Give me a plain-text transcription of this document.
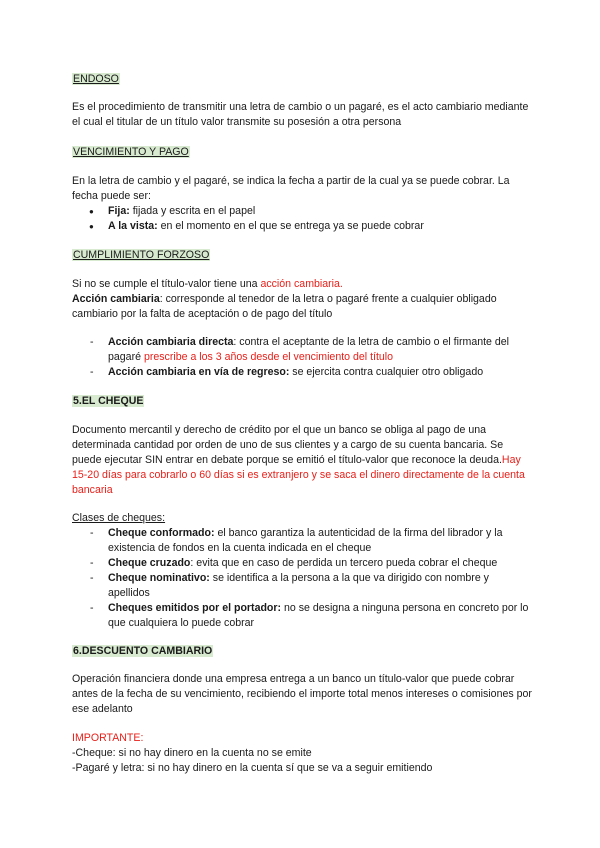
ENDOSO

Es el procedimiento de transmitir una letra de cambio o un pagaré, es el acto cambiario mediante el cual el titular de un título valor transmite su posesión a otra persona

VENCIMIENTO Y PAGO

En la letra de cambio y el pagaré, se indica la fecha a partir de la cual ya se puede cobrar. La fecha puede ser:

● Fija: fijada y escrita en el papel
● A la vista: en el momento en el que se entrega ya se puede cobrar

CUMPLIMIENTO FORZOSO

Si no se cumple el título-valor tiene una acción cambiaria.
Acción cambiaria: corresponde al tenedor de la letra o pagaré frente a cualquier obligado cambiario por la falta de aceptación o de pago del título

- Acción cambiaria directa: contra el aceptante de la letra de cambio o el firmante del pagaré prescribe a los 3 años desde el vencimiento del título
- Acción cambiaria en vía de regreso: se ejercita contra cualquier otro obligado

5.EL CHEQUE

Documento mercantil y derecho de crédito por el que un banco se obliga al pago de una determinada cantidad por orden de uno de sus clientes y a cargo de su cuenta bancaria. Se puede ejecutar SIN entrar en debate porque se emitió el título-valor que reconoce la deuda.Hay 15-20 días para cobrarlo o 60 días si es extranjero y se saca el dinero directamente de la cuenta bancaria

Clases de cheques:

- Cheque conformado: el banco garantiza la autenticidad de la firma del librador y la existencia de fondos en la cuenta indicada en el cheque
- Cheque cruzado: evita que en caso de perdida un tercero pueda cobrar el cheque
- Cheque nominativo: se identifica a la persona a la que va dirigido con nombre y apellidos
- Cheques emitidos por el portador: no se designa a ninguna persona en concreto por lo que cualquiera lo puede cobrar

6.DESCUENTO CAMBIARIO

Operación financiera donde una empresa entrega a un banco un título-valor que puede cobrar antes de la fecha de su vencimiento, recibiendo el importe total menos intereses o comisiones por ese adelanto

IMPORTANTE:
-Cheque: si no hay dinero en la cuenta no se emite
-Pagaré y letra: si no hay dinero en la cuenta sí que se va a seguir emitiendo
